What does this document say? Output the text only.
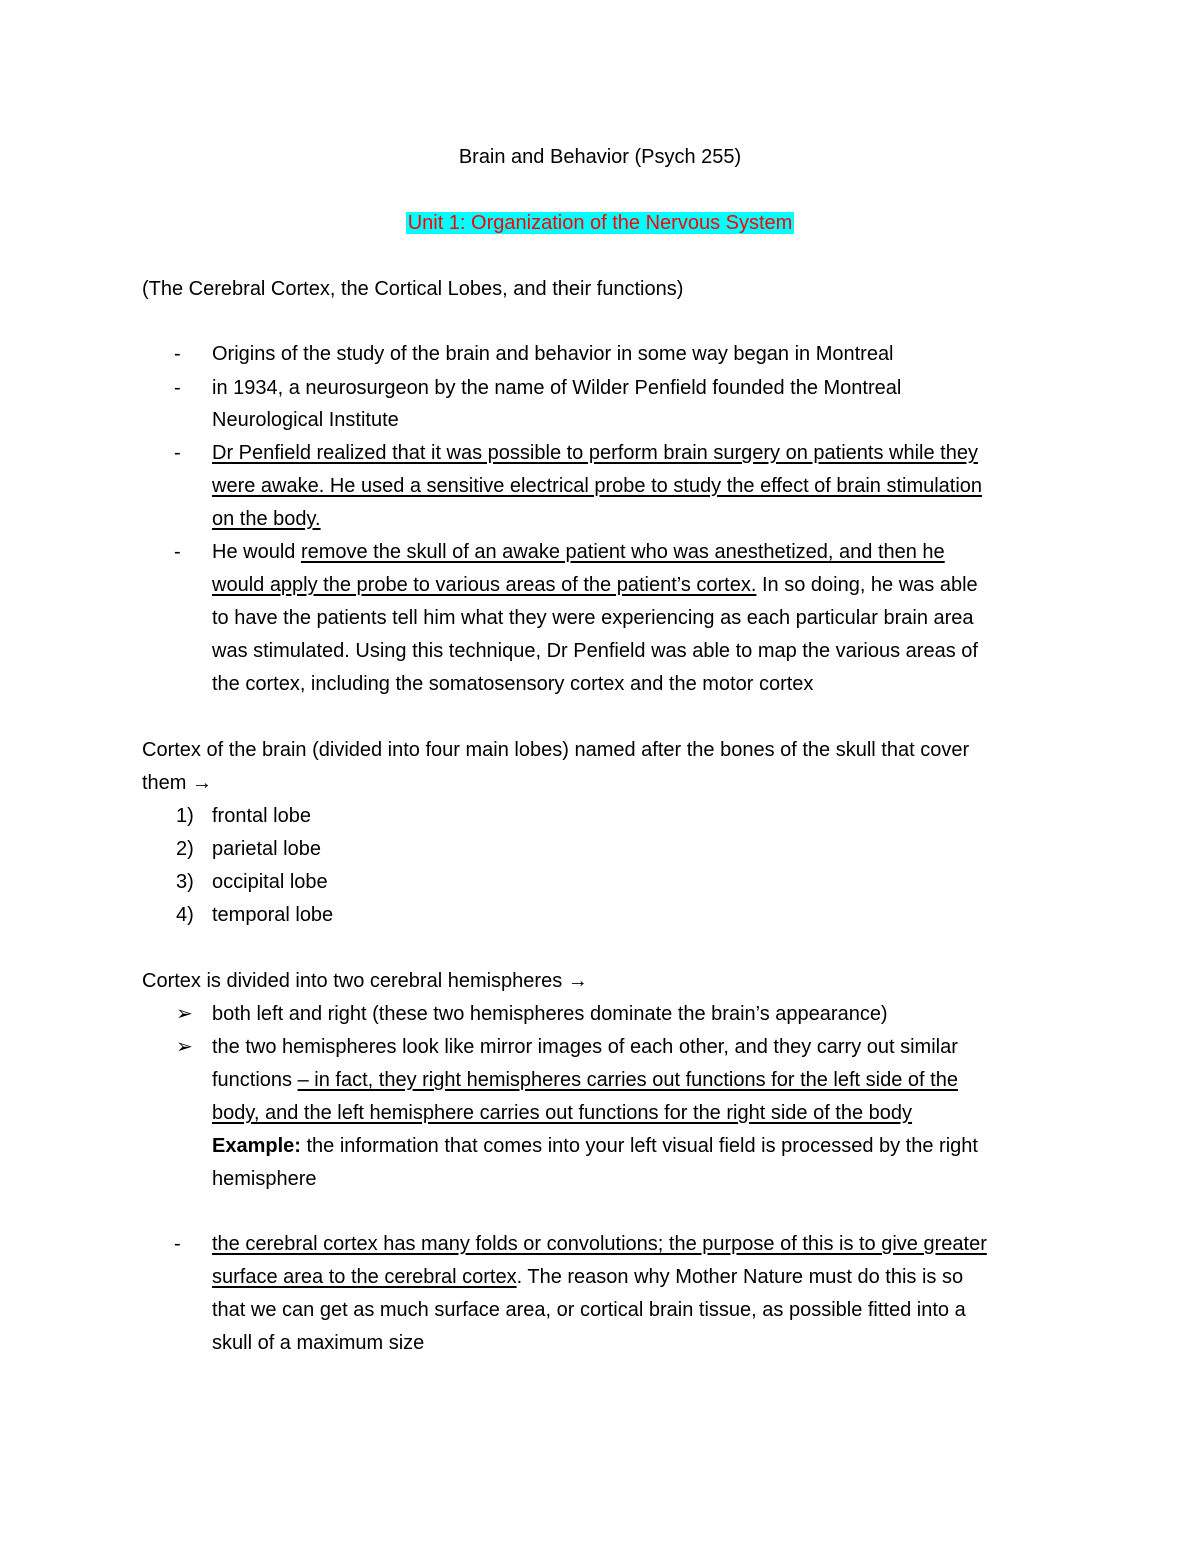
Brain and Behavior (Psych 255)
Unit 1: Organization of the Nervous System
(The Cerebral Cortex, the Cortical Lobes, and their functions)
-	Origins of the study of the brain and behavior in some way began in Montreal
-	in 1934, a neurosurgeon by the name of Wilder Penfield founded the Montreal
Neurological Institute
-	Dr Penfield realized that it was possible to perform brain surgery on patients while they
were awake. He used a sensitive electrical probe to study the effect of brain stimulation
on the body.
-	He would remove the skull of an awake patient who was anesthetized, and then he
would apply the probe to various areas of the patient’s cortex. In so doing, he was able
to have the patients tell him what they were experiencing as each particular brain area
was stimulated. Using this technique, Dr Penfield was able to map the various areas of
the cortex, including the somatosensory cortex and the motor cortex
Cortex of the brain (divided into four main lobes) named after the bones of the skull that cover
them →
1) frontal lobe
2) parietal lobe
3) occipital lobe
4) temporal lobe
Cortex is divided into two cerebral hemispheres →
➢ both left and right (these two hemispheres dominate the brain’s appearance)
➢ the two hemispheres look like mirror images of each other, and they carry out similar
functions – in fact, they right hemispheres carries out functions for the left side of the
body, and the left hemisphere carries out functions for the right side of the body
Example: the information that comes into your left visual field is processed by the right
hemisphere
-	the cerebral cortex has many folds or convolutions; the purpose of this is to give greater
surface area to the cerebral cortex. The reason why Mother Nature must do this is so
that we can get as much surface area, or cortical brain tissue, as possible fitted into a
skull of a maximum size
